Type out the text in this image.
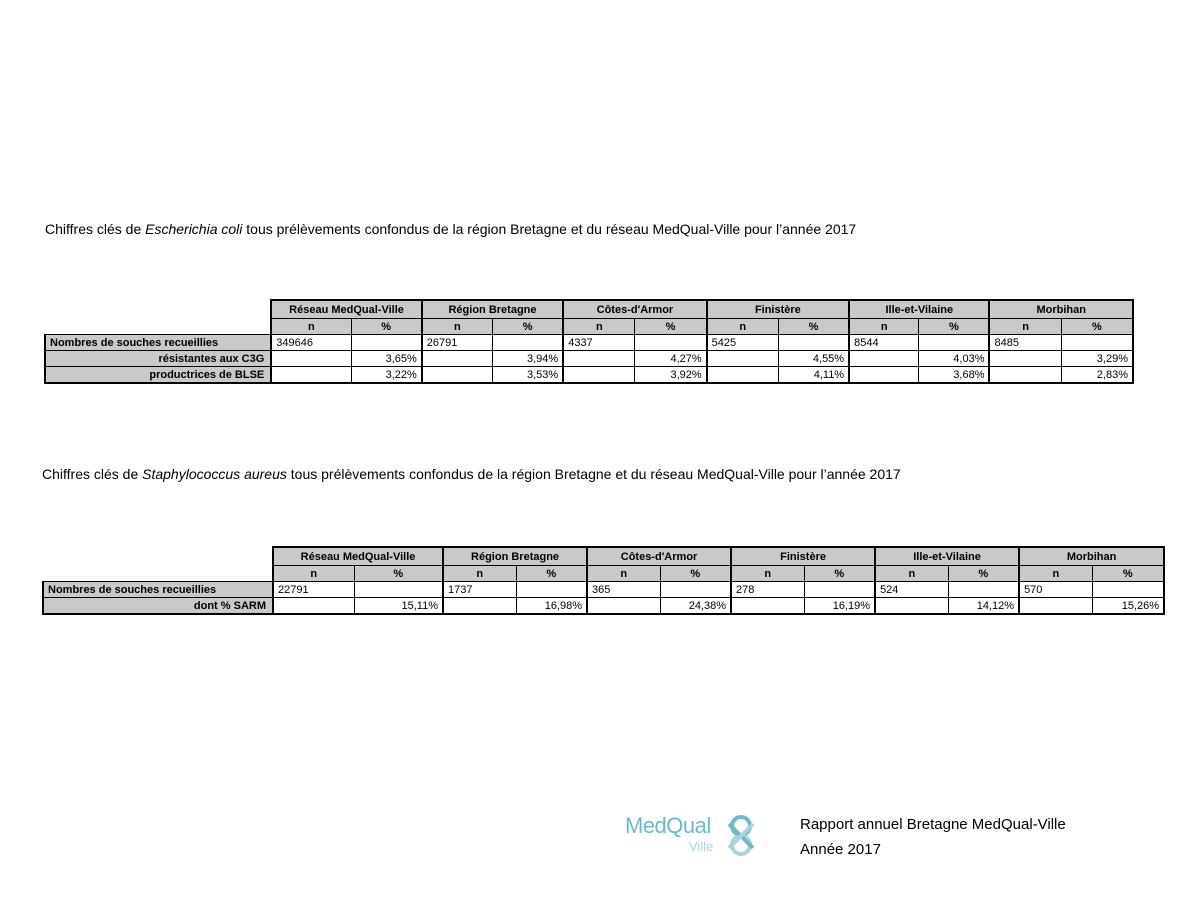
Chiffres clés de Escherichia coli tous prélèvements confondus de la région Bretagne et du réseau MedQual-Ville pour l’année 2017
	Réseau MedQual-Ville		Région Bretagne		Côtes-d'Armor		Finistère		Ille-et-Vilaine		Morbihan	
	n	%	n	%	n	%	n	%	n	%	n	%
Nombres de souches recueillies	349646		26791		4337		5425		8544		8485	
résistantes aux C3G		3,65%		3,94%		4,27%		4,55%		4,03%		3,29%
productrices de BLSE		3,22%		3,53%		3,92%		4,11%		3,68%		2,83%
Chiffres clés de Staphylococcus aureus tous prélèvements confondus de la région Bretagne et du réseau MedQual-Ville pour l’année 2017
	Réseau MedQual-Ville		Région Bretagne		Côtes-d'Armor		Finistère		Ille-et-Vilaine		Morbihan	
	n	%	n	%	n	%	n	%	n	%	n	%
Nombres de souches recueillies	22791		1737		365		278		524		570	
dont % SARM		15,11%		16,98%		24,38%		16,19%		14,12%		15,26%
MedQual
Ville
Rapport annuel Bretagne MedQual-Ville
Année 2017
